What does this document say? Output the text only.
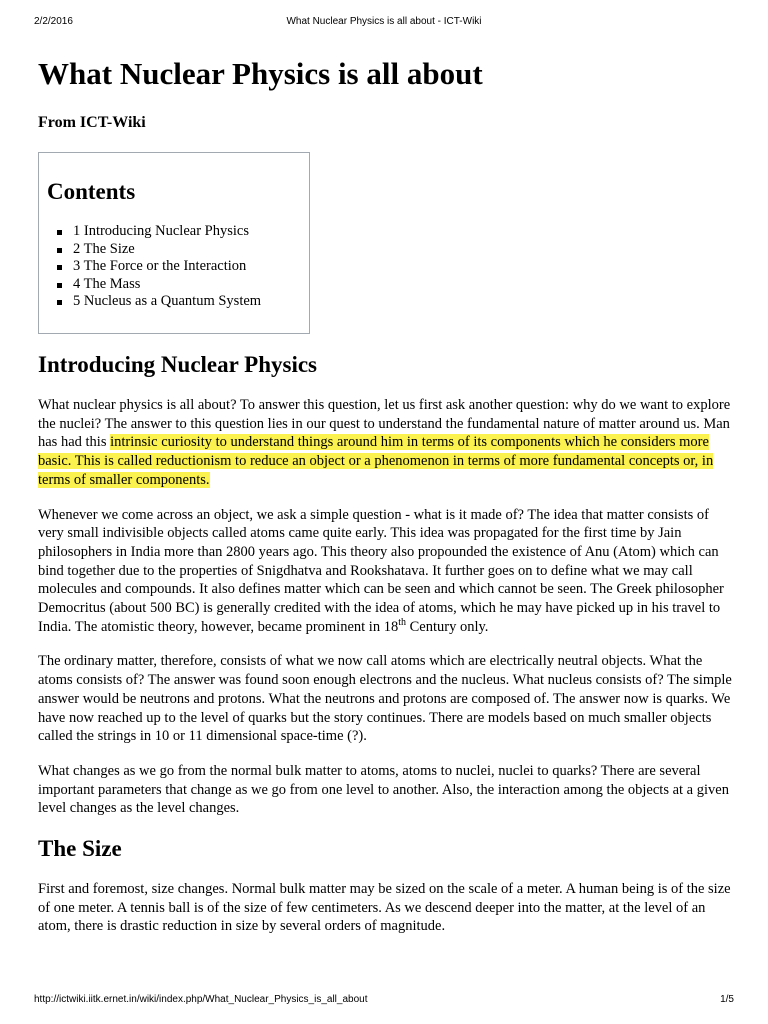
2/2/2016	What Nuclear Physics is all about - ICT-Wiki
What Nuclear Physics is all about
From ICT-Wiki
Contents
1 Introducing Nuclear Physics
2 The Size
3 The Force or the Interaction
4 The Mass
5 Nucleus as a Quantum System
Introducing Nuclear Physics

What nuclear physics is all about? To answer this question, let us first ask another question: why do we want to explore the nuclei? The answer to this question lies in our quest to understand the fundamental nature of matter around us. Man has had this intrinsic curiosity to understand things around him in terms of its components which he considers more basic. This is called reductionism to reduce an object or a phenomenon in terms of more fundamental concepts or, in terms of smaller components.

Whenever we come across an object, we ask a simple question - what is it made of? The idea that matter consists of very small indivisible objects called atoms came quite early. This idea was propagated for the first time by Jain philosophers in India more than 2800 years ago. This theory also propounded the existence of Anu (Atom) which can bind together due to the properties of Snigdhatva and Rookshatava. It further goes on to define what we may call molecules and compounds. It also defines matter which can be seen and which cannot be seen. The Greek philosopher Democritus (about 500 BC) is generally credited with the idea of atoms, which he may have picked up in his travel to India. The atomistic theory, however, became prominent in 18th Century only.

The ordinary matter, therefore, consists of what we now call atoms which are electrically neutral objects. What the atoms consists of? The answer was found soon enough electrons and the nucleus. What nucleus consists of? The simple answer would be neutrons and protons. What the neutrons and protons are composed of. The answer now is quarks. We have now reached up to the level of quarks but the story continues. There are models based on much smaller objects called the strings in 10 or 11 dimensional space-time (?).

What changes as we go from the normal bulk matter to atoms, atoms to nuclei, nuclei to quarks? There are several important parameters that change as we go from one level to another. Also, the interaction among the objects at a given level changes as the level changes.

The Size

First and foremost, size changes. Normal bulk matter may be sized on the scale of a meter. A human being is of the size of one meter. A tennis ball is of the size of few centimeters. As we descend deeper into the matter, at the level of an atom, there is drastic reduction in size by several orders of magnitude.

http://ictwiki.iitk.ernet.in/wiki/index.php/What_Nuclear_Physics_is_all_about	1/5
